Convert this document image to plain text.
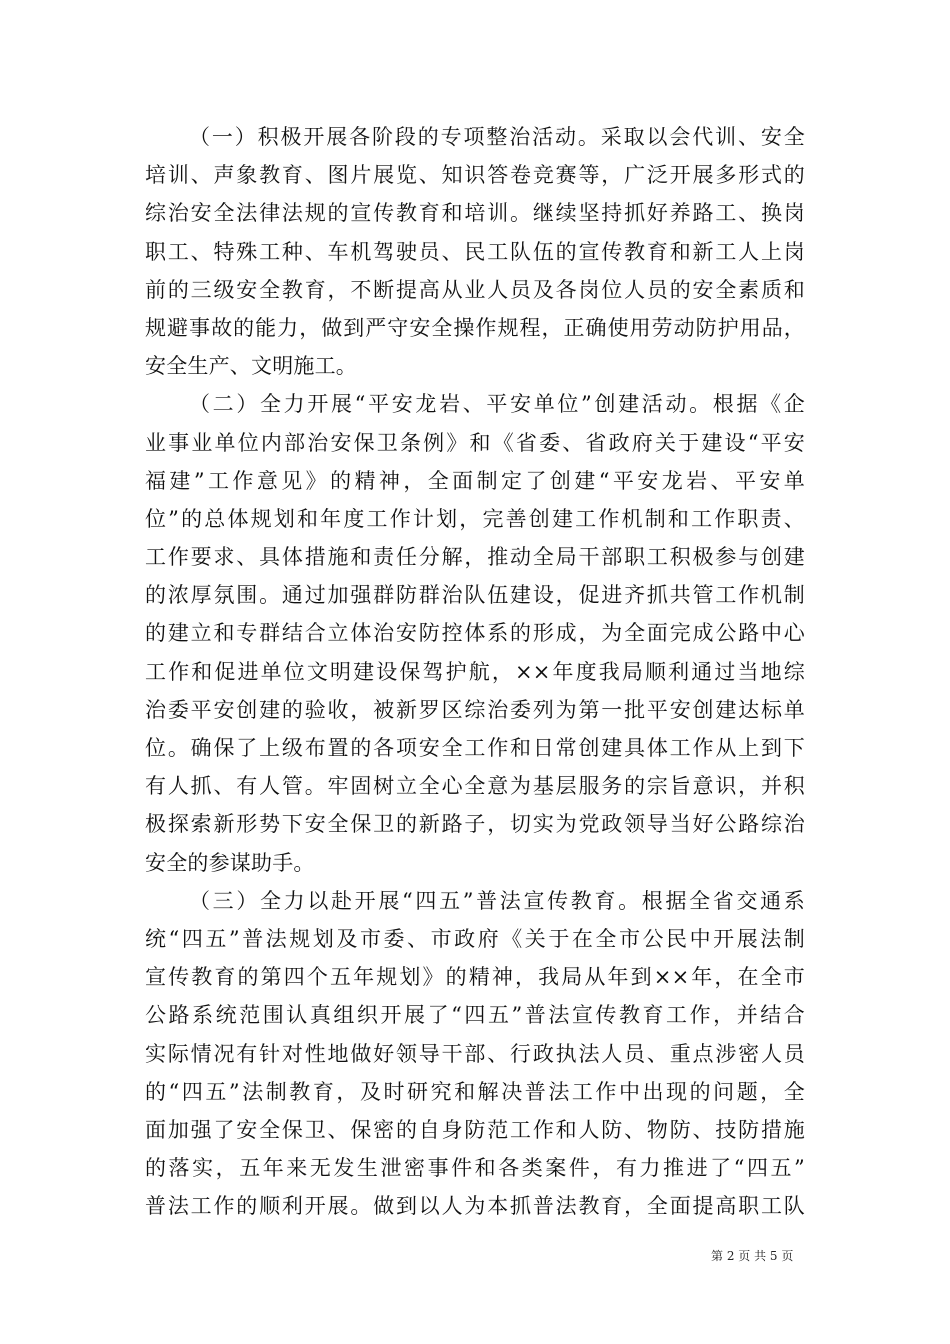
（一）积极开展各阶段的专项整治活动。采取以会代训、安全
培训、声象教育、图片展览、知识答卷竞赛等，广泛开展多形式的
综治安全法律法规的宣传教育和培训。继续坚持抓好养路工、换岗
职工、特殊工种、车机驾驶员、民工队伍的宣传教育和新工人上岗
前的三级安全教育，不断提高从业人员及各岗位人员的安全素质和
规避事故的能力，做到严守安全操作规程，正确使用劳动防护用品，
安全生产、文明施工。
（二）全力开展“平安龙岩、平安单位”创建活动。根据《企
业事业单位内部治安保卫条例》和《省委、省政府关于建设“平安
福建”工作意见》的精神，全面制定了创建“平安龙岩、平安单
位”的总体规划和年度工作计划，完善创建工作机制和工作职责、
工作要求、具体措施和责任分解，推动全局干部职工积极参与创建
的浓厚氛围。通过加强群防群治队伍建设，促进齐抓共管工作机制
的建立和专群结合立体治安防控体系的形成，为全面完成公路中心
工作和促进单位文明建设保驾护航，××年度我局顺利通过当地综
治委平安创建的验收，被新罗区综治委列为第一批平安创建达标单
位。确保了上级布置的各项安全工作和日常创建具体工作从上到下
有人抓、有人管。牢固树立全心全意为基层服务的宗旨意识，并积
极探索新形势下安全保卫的新路子，切实为党政领导当好公路综治
安全的参谋助手。
（三）全力以赴开展“四五”普法宣传教育。根据全省交通系
统“四五”普法规划及市委、市政府《关于在全市公民中开展法制
宣传教育的第四个五年规划》的精神，我局从年到××年，在全市
公路系统范围认真组织开展了“四五”普法宣传教育工作，并结合
实际情况有针对性地做好领导干部、行政执法人员、重点涉密人员
的“四五”法制教育，及时研究和解决普法工作中出现的问题，全
面加强了安全保卫、保密的自身防范工作和人防、物防、技防措施
的落实，五年来无发生泄密事件和各类案件，有力推进了“四五”
普法工作的顺利开展。做到以人为本抓普法教育，全面提高职工队
第 2 页 共 5 页
